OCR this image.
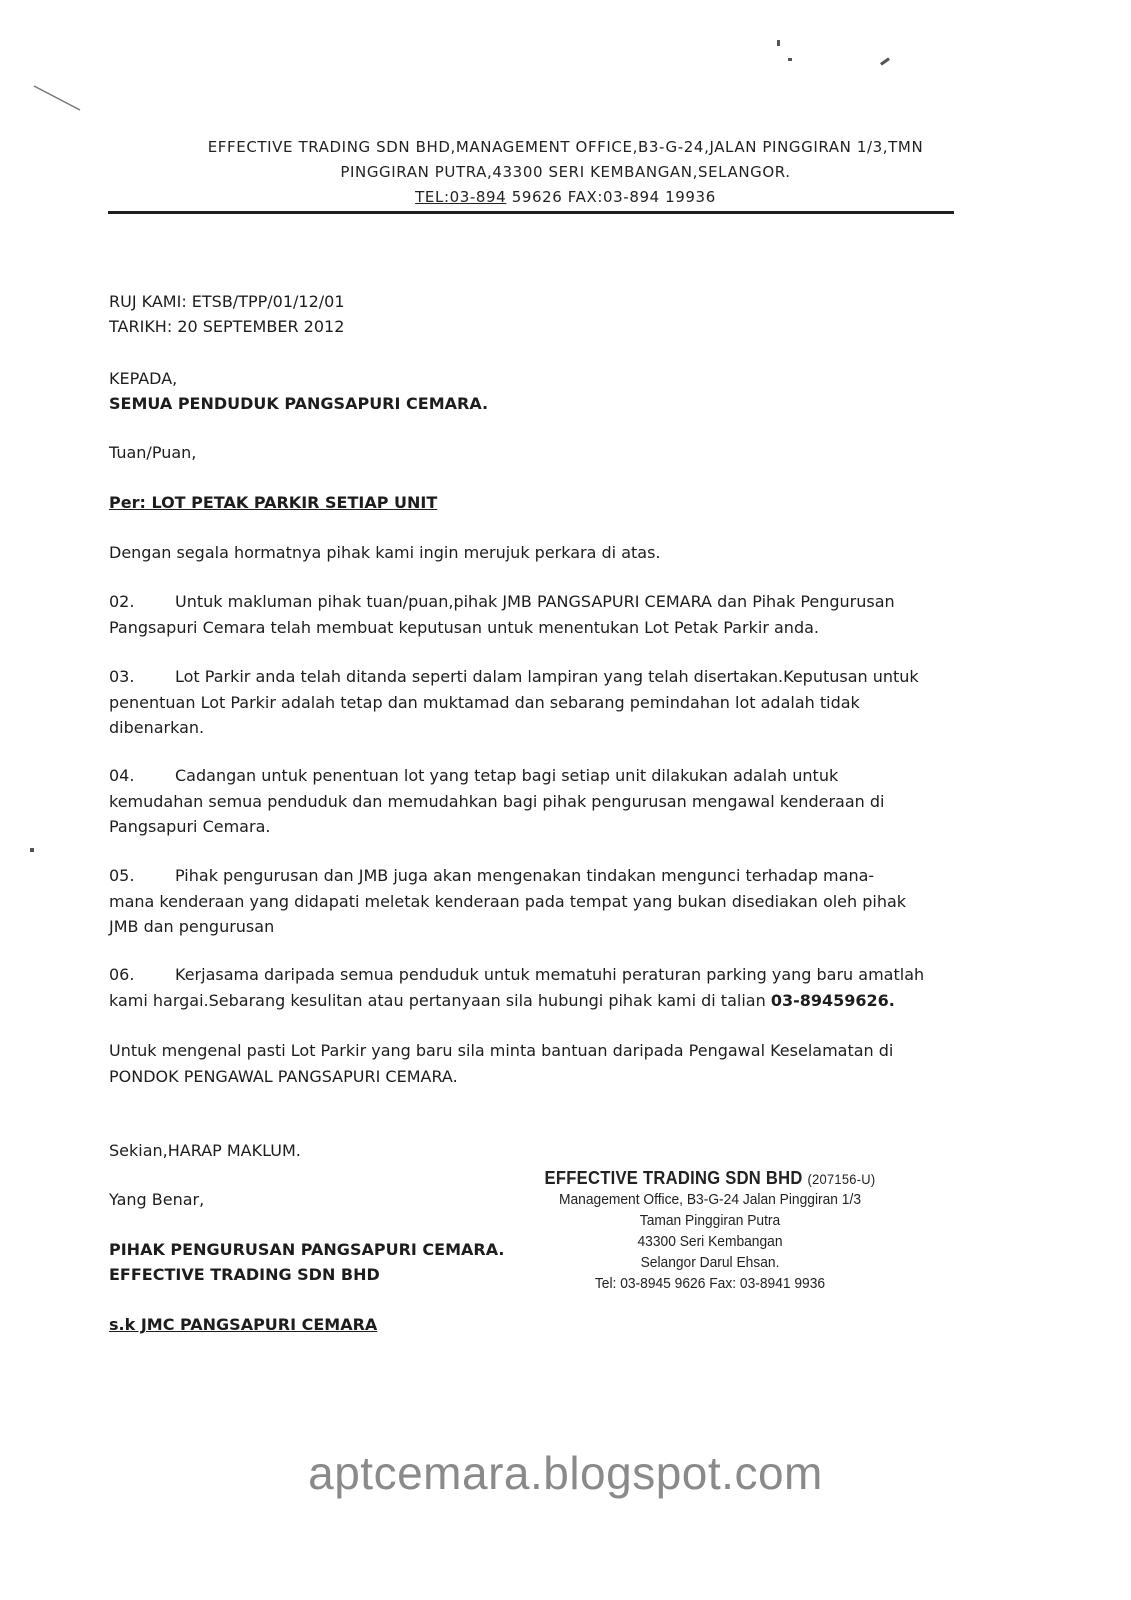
EFFECTIVE TRADING SDN BHD,MANAGEMENT OFFICE,B3-G-24,JALAN PINGGIRAN 1/3,TMN
PINGGIRAN PUTRA,43300 SERI KEMBANGAN,SELANGOR.
TEL:03-894 59626 FAX:03-894 19936
RUJ KAMI: ETSB/TPP/01/12/01
TARIKH: 20 SEPTEMBER 2012
KEPADA,
SEMUA PENDUDUK PANGSAPURI CEMARA.
Tuan/Puan,
Per: LOT PETAK PARKIR SETIAP UNIT
Dengan segala hormatnya pihak kami ingin merujuk perkara di atas.
02.	Untuk makluman pihak tuan/puan,pihak JMB PANGSAPURI CEMARA dan Pihak Pengurusan
Pangsapuri Cemara telah membuat keputusan untuk menentukan Lot Petak Parkir anda.
03.	Lot Parkir anda telah ditanda seperti dalam lampiran yang telah disertakan.Keputusan untuk
penentuan Lot Parkir adalah tetap dan muktamad dan sebarang pemindahan lot adalah tidak
dibenarkan.
04.	Cadangan untuk penentuan lot yang tetap bagi setiap unit dilakukan adalah untuk
kemudahan semua penduduk dan memudahkan bagi pihak pengurusan mengawal kenderaan di
Pangsapuri Cemara.
05.	Pihak pengurusan dan JMB juga akan mengenakan tindakan mengunci terhadap mana-
mana kenderaan yang didapati meletak kenderaan pada tempat yang bukan disediakan oleh pihak
JMB dan pengurusan
06.	Kerjasama daripada semua penduduk untuk mematuhi peraturan parking yang baru amatlah
kami hargai.Sebarang kesulitan atau pertanyaan sila hubungi pihak kami di talian 03-89459626.
Untuk mengenal pasti Lot Parkir yang baru sila minta bantuan daripada Pengawal Keselamatan di
PONDOK PENGAWAL PANGSAPURI CEMARA.
Sekian,HARAP MAKLUM.
Yang Benar,
PIHAK PENGURUSAN PANGSAPURI CEMARA.
EFFECTIVE TRADING SDN BHD
s.k JMC PANGSAPURI CEMARA
EFFECTIVE TRADING SDN BHD (207156-U)
Management Office, B3-G-24 Jalan Pinggiran 1/3
Taman Pinggiran Putra
43300 Seri Kembangan
Selangor Darul Ehsan.
Tel: 03-8945 9626 Fax: 03-8941 9936
aptcemara.blogspot.com
